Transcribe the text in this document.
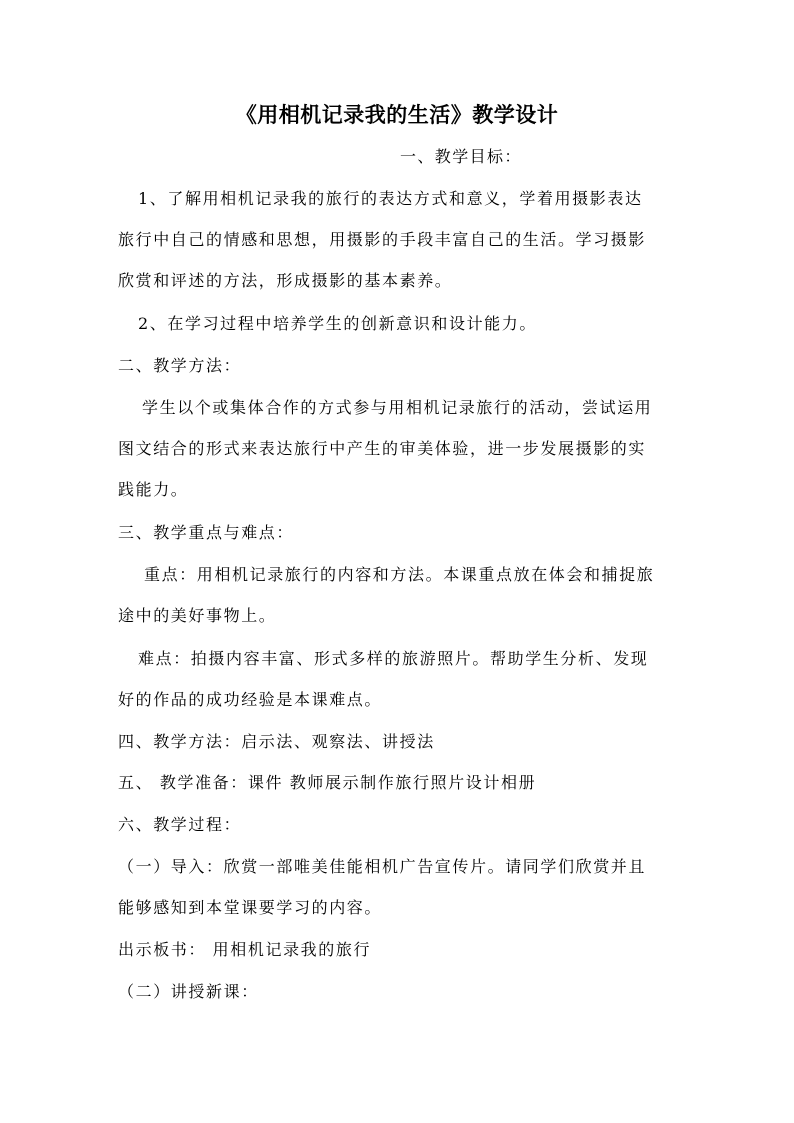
《用相机记录我的生活》教学设计
一、教学目标：
1、了解用相机记录我的旅行的表达方式和意义，学着用摄影表达
旅行中自己的情感和思想，用摄影的手段丰富自己的生活。学习摄影
欣赏和评述的方法，形成摄影的基本素养。
2、在学习过程中培养学生的创新意识和设计能力。
二、教学方法：
学生以个或集体合作的方式参与用相机记录旅行的活动，尝试运用
图文结合的形式来表达旅行中产生的审美体验，进一步发展摄影的实
践能力。
三、教学重点与难点：
重点：用相机记录旅行的内容和方法。本课重点放在体会和捕捉旅
途中的美好事物上。
难点：拍摄内容丰富、形式多样的旅游照片。帮助学生分析、发现
好的作品的成功经验是本课难点。
四、教学方法：启示法、观察法、讲授法
五、 教学准备：课件 教师展示制作旅行照片设计相册
六、教学过程：
（一）导入：欣赏一部唯美佳能相机广告宣传片。请同学们欣赏并且
能够感知到本堂课要学习的内容。
出示板书： 用相机记录我的旅行
（二）讲授新课：
